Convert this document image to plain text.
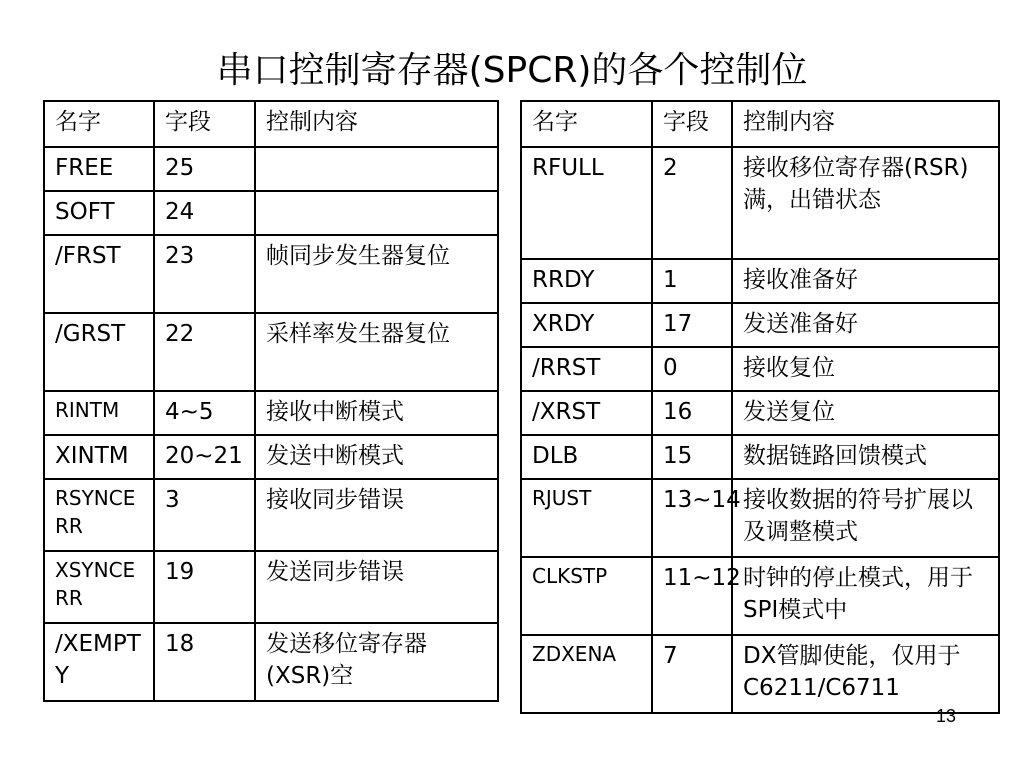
串口控制寄存器(SPCR)的各个控制位
名字	字段	控制内容
FREE	25	
SOFT	24	
/FRST	23	帧同步发生器复位
/GRST	22	采样率发生器复位
RINTM	4~5	接收中断模式
XINTM	20~21	发送中断模式
RSYNCERR	3	接收同步错误
XSYNCERR	19	发送同步错误
/XEMPTY	18	发送移位寄存器(XSR)空
名字	字段	控制内容
RFULL	2	接收移位寄存器(RSR)满，出错状态
RRDY	1	接收准备好
XRDY	17	发送准备好
/RRST	0	接收复位
/XRST	16	发送复位
DLB	15	数据链路回馈模式
RJUST	13~14	接收数据的符号扩展以及调整模式
CLKSTP	11~12	时钟的停止模式，用于SPI模式中
ZDXENA	7	DX管脚使能，仅用于C6211/C6711
13
